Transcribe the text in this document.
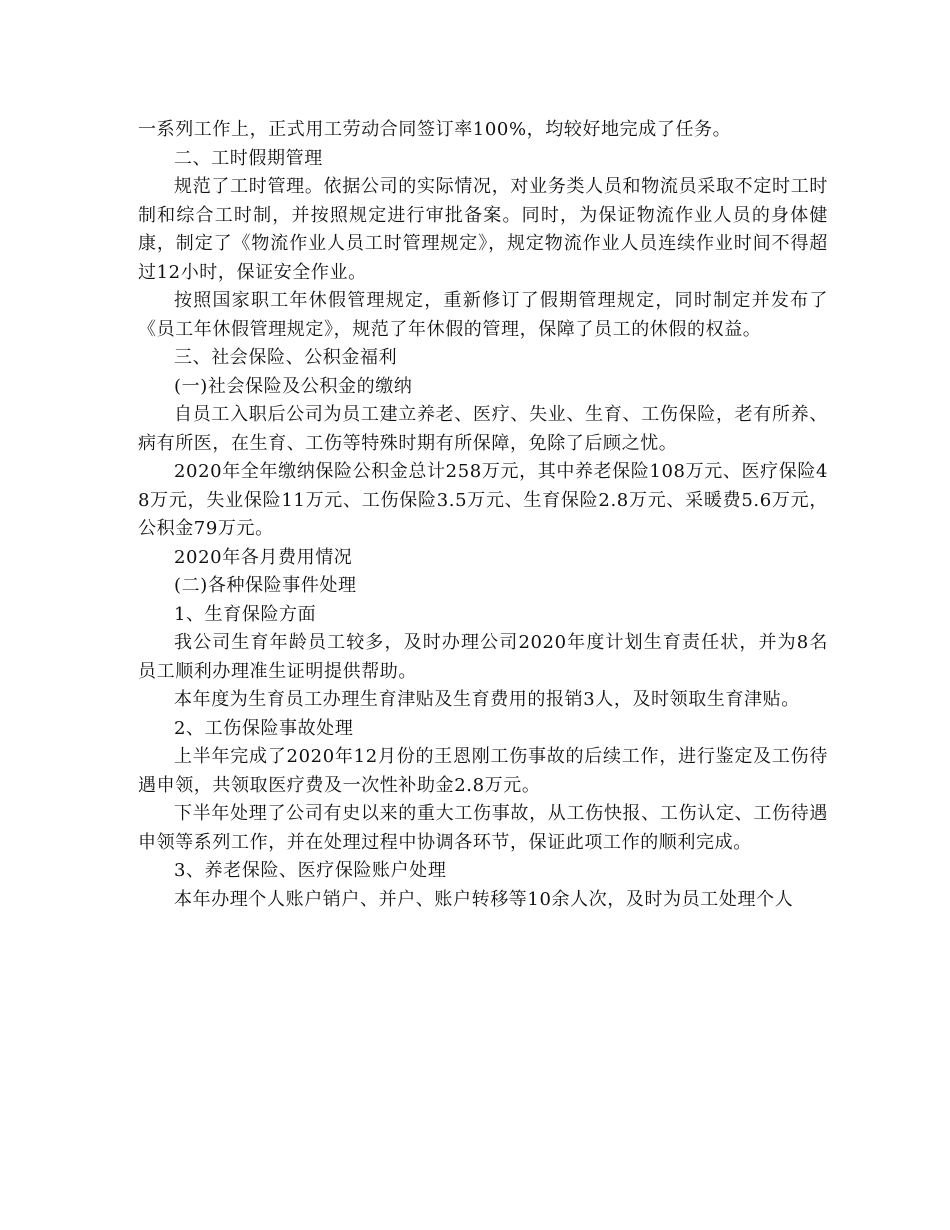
一系列工作上，正式用工劳动合同签订率100%，均较好地完成了任务。

二、工时假期管理

规范了工时管理。依据公司的实际情况，对业务类人员和物流员采取不定时工时制和综合工时制，并按照规定进行审批备案。同时，为保证物流作业人员的身体健康，制定了《物流作业人员工时管理规定》，规定物流作业人员连续作业时间不得超过12小时，保证安全作业。

按照国家职工年休假管理规定，重新修订了假期管理规定，同时制定并发布了《员工年休假管理规定》，规范了年休假的管理，保障了员工的休假的权益。

三、社会保险、公积金福利

(一)社会保险及公积金的缴纳

自员工入职后公司为员工建立养老、医疗、失业、生育、工伤保险，老有所养、病有所医，在生育、工伤等特殊时期有所保障，免除了后顾之忧。

2020年全年缴纳保险公积金总计258万元，其中养老保险108万元、医疗保险48万元，失业保险11万元、工伤保险3.5万元、生育保险2.8万元、采暖费5.6万元，公积金79万元。

2020年各月费用情况

(二)各种保险事件处理

1、生育保险方面

我公司生育年龄员工较多，及时办理公司2020年度计划生育责任状，并为8名员工顺利办理准生证明提供帮助。

本年度为生育员工办理生育津贴及生育费用的报销3人，及时领取生育津贴。

2、工伤保险事故处理

上半年完成了2020年12月份的王恩刚工伤事故的后续工作，进行鉴定及工伤待遇申领，共领取医疗费及一次性补助金2.8万元。

下半年处理了公司有史以来的重大工伤事故，从工伤快报、工伤认定、工伤待遇申领等系列工作，并在处理过程中协调各环节，保证此项工作的顺利完成。

3、养老保险、医疗保险账户处理

本年办理个人账户销户、并户、账户转移等10余人次，及时为员工处理个人
